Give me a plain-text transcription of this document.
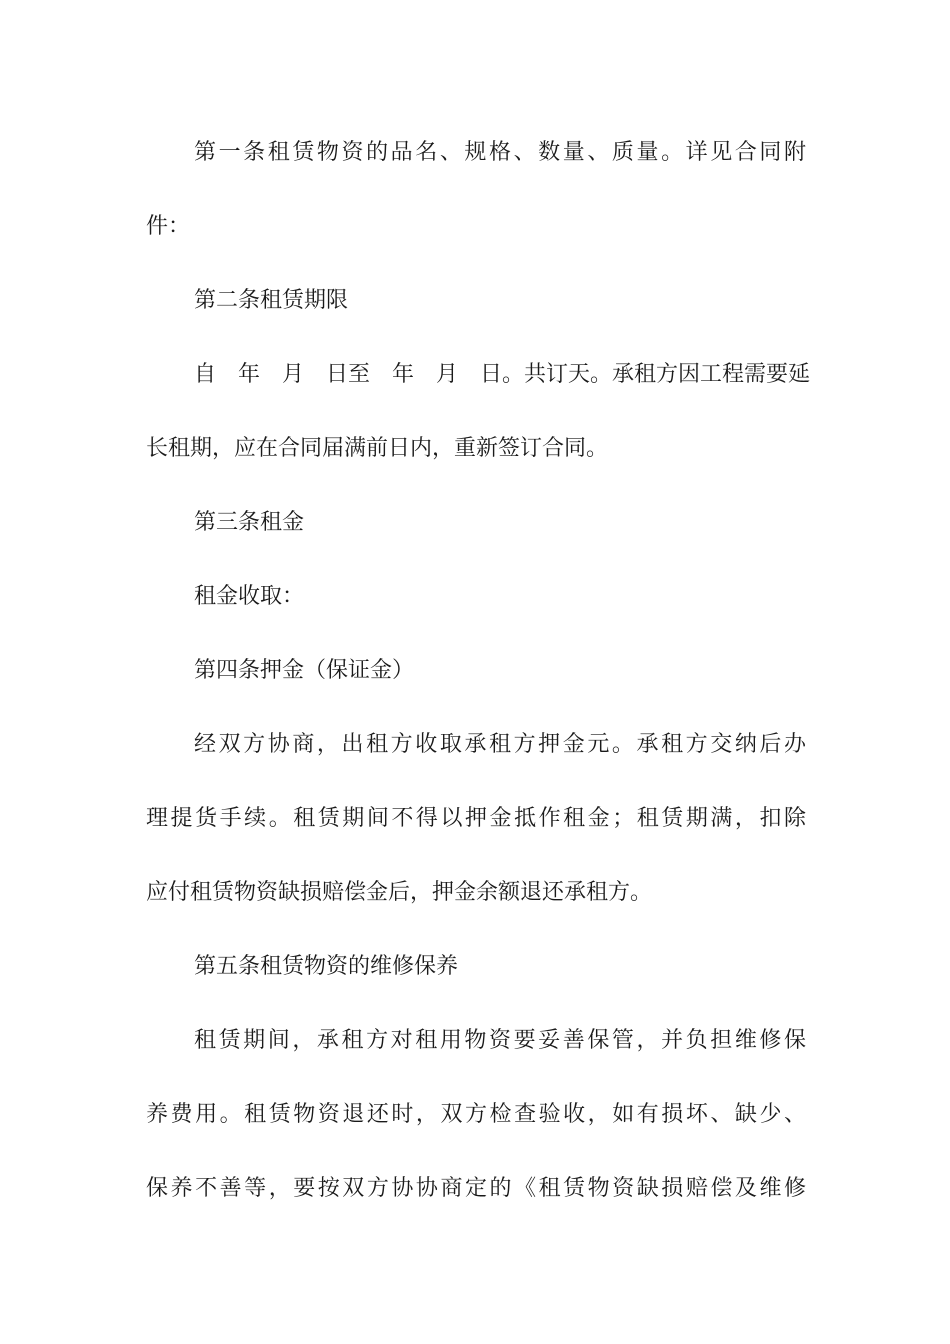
第一条租赁物资的品名、规格、数量、质量。详见合同附
件：
第二条租赁期限
自　年　月　日至　年　月　日。共订天。承租方因工程需要延
长租期，应在合同届满前日内，重新签订合同。
第三条租金
租金收取：
第四条押金（保证金）
经双方协商，出租方收取承租方押金元。承租方交纳后办
理提货手续。租赁期间不得以押金抵作租金；租赁期满，扣除
应付租赁物资缺损赔偿金后，押金余额退还承租方。
第五条租赁物资的维修保养
租赁期间，承租方对租用物资要妥善保管，并负担维修保
养费用。租赁物资退还时，双方检查验收，如有损坏、缺少、
保养不善等，要按双方协协商定的《租赁物资缺损赔偿及维修
